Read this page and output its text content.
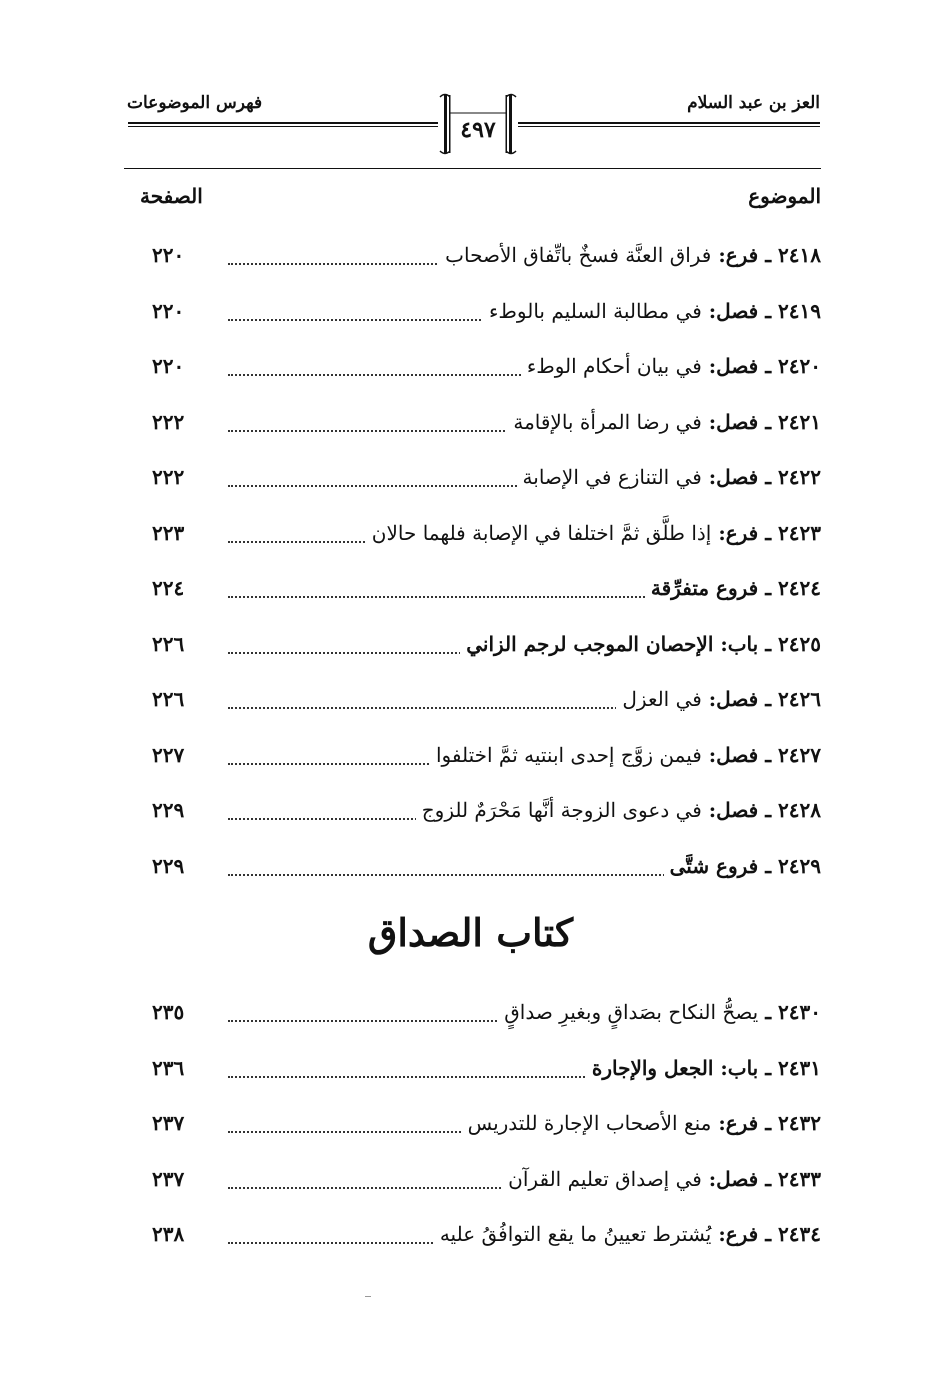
فهرس الموضوعات	العز بن عبد السلام
٤٩٧
الموضوع
الصفحة
٢٤١٨ ـ فرع: فراق العنَّة فسخٌ باتِّفاق الأصحاب
٢٢٠
٢٤١٩ ـ فصل: في مطالبة السليم بالوطء
٢٢٠
٢٤٢٠ ـ فصل: في بيان أحكام الوطء
٢٢٠
٢٤٢١ ـ فصل: في رضا المرأة بالإقامة
٢٢٢
٢٤٢٢ ـ فصل: في التنازع في الإصابة
٢٢٢
٢٤٢٣ ـ فرع: إذا طلَّق ثمَّ اختلفا في الإصابة فلهما حالان
٢٢٣
٢٤٢٤ ـ فروع متفرِّقة
٢٢٤
٢٤٢٥ ـ باب: الإحصان الموجب لرجم الزاني
٢٢٦
٢٤٢٦ ـ فصل: في العزل
٢٢٦
٢٤٢٧ ـ فصل: فيمن زوَّج إحدى ابنتيه ثمَّ اختلفوا
٢٢٧
٢٤٢٨ ـ فصل: في دعوى الزوجة أنَّها مَحْرَمٌ للزوج
٢٢٩
٢٤٢٩ ـ فروع شتَّى
٢٢٩
كتاب الصداق
٢٤٣٠ ـ يصحُّ النكاح بصَداقٍ وبغيرِ صداقٍ
٢٣٥
٢٤٣١ ـ باب: الجعل والإجارة
٢٣٦
٢٤٣٢ ـ فرع: منع الأصحاب الإجارة للتدريس
٢٣٧
٢٤٣٣ ـ فصل: في إصداق تعليم القرآن
٢٣٧
٢٤٣٤ ـ فرع: يُشترط تعيينُ ما يقع التوافُقُ عليه
٢٣٨
